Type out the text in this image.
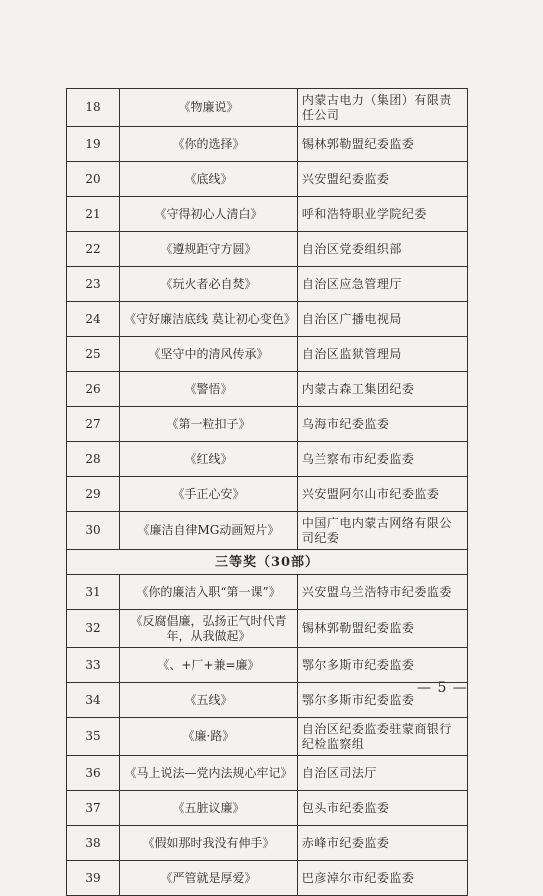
18	《物廉说》	内蒙古电力（集团）有限责任公司
19	《你的选择》	锡林郭勒盟纪委监委
20	《底线》	兴安盟纪委监委
21	《守得初心人清白》	呼和浩特职业学院纪委
22	《遵规距守方圆》	自治区党委组织部
23	《玩火者必自焚》	自治区应急管理厅
24	《守好廉洁底线 莫让初心变色》	自治区广播电视局
25	《坚守中的清风传承》	自治区监狱管理局
26	《警悟》	内蒙古森工集团纪委
27	《第一粒扣子》	乌海市纪委监委
28	《红线》	乌兰察布市纪委监委
29	《手正心安》	兴安盟阿尔山市纪委监委
30	《廉洁自律MG动画短片》	中国广电内蒙古网络有限公司纪委
三等奖（30部）		
31	《你的廉洁入职“第一课”》	兴安盟乌兰浩特市纪委监委
32	《反腐倡廉，弘扬正气时代青年，从我做起》	锡林郭勒盟纪委监委
33	《、+厂+兼=廉》	鄂尔多斯市纪委监委
34	《五线》	鄂尔多斯市纪委监委
35	《廉·路》	自治区纪委监委驻蒙商银行纪检监察组
36	《马上说法—党内法规心牢记》	自治区司法厅
37	《五脏议廉》	包头市纪委监委
38	《假如那时我没有伸手》	赤峰市纪委监委
39	《严管就是厚爱》	巴彦淖尔市纪委监委
— 5 —
